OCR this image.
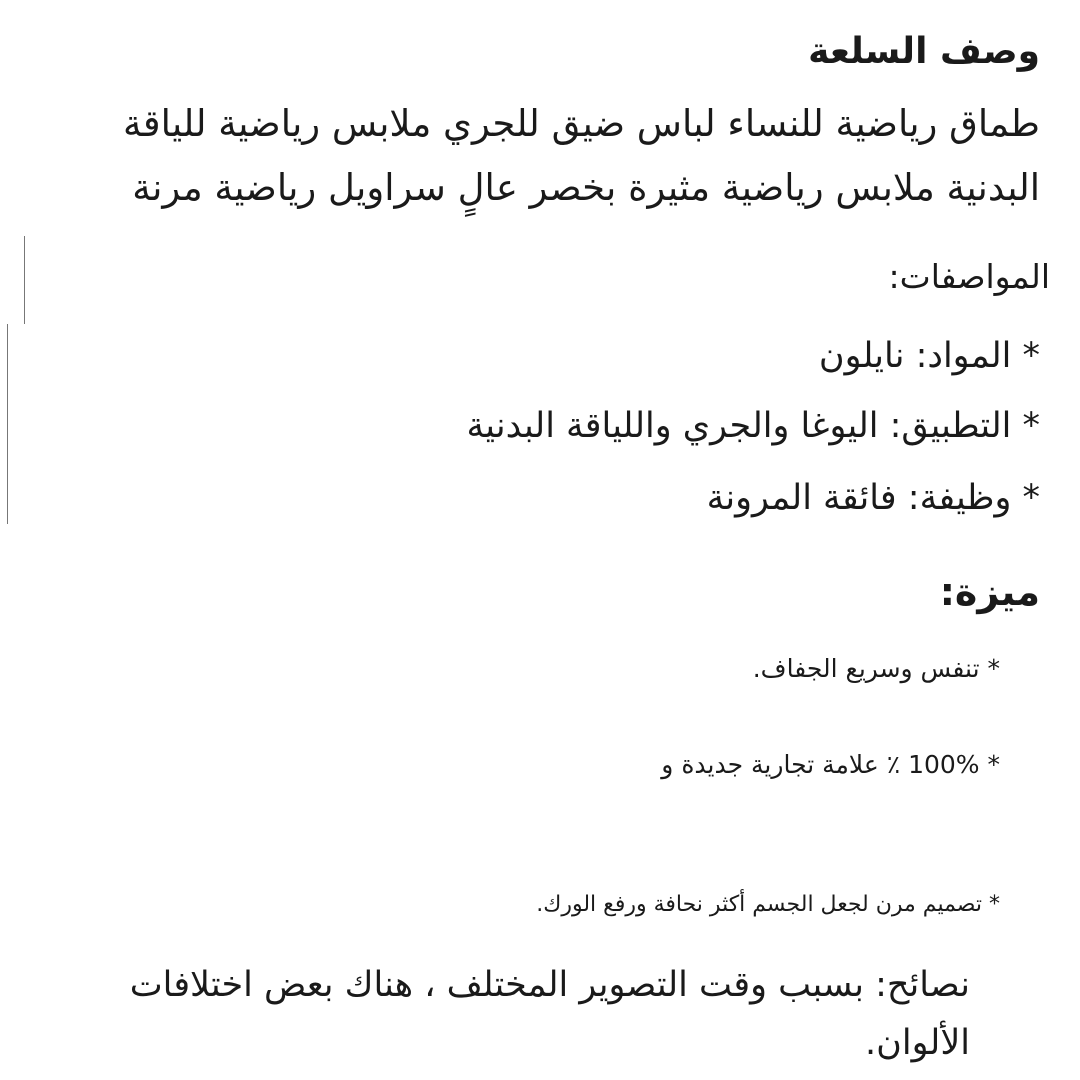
وصف السلعة

طماق رياضية للنساء لباس ضيق للجري ملابس رياضية للياقة

البدنية ملابس رياضية مثيرة بخصر عالٍ سراويل رياضية مرنة

المواصفات:

* المواد: نايلون

* التطبيق: اليوغا والجري واللياقة البدنية

* وظيفة: فائقة المرونة

ميزة:

* تنفس وسريع الجفاف.

* 100% ٪ علامة تجارية جديدة و

* تصميم مرن لجعل الجسم أكثر نحافة ورفع الورك.

نصائح: بسبب وقت التصوير المختلف ، هناك بعض اختلافات الألوان.
